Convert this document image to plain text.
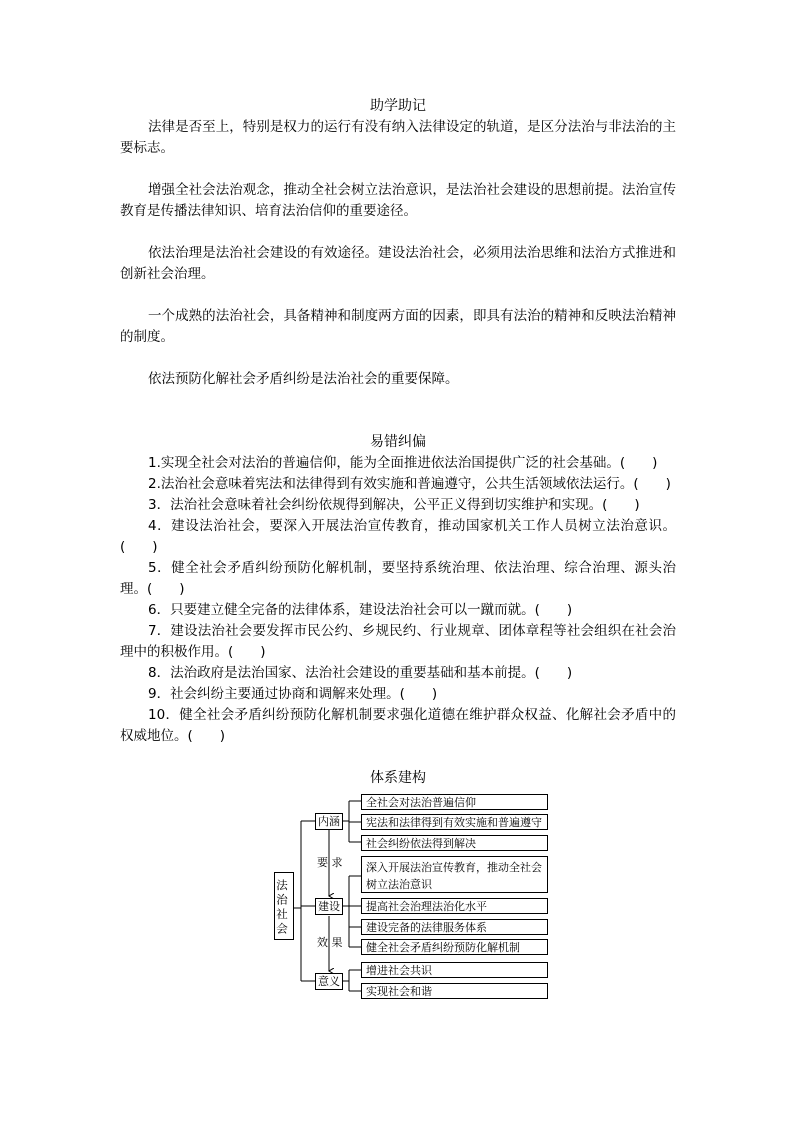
助学助记

法律是否至上，特别是权力的运行有没有纳入法律设定的轨道，是区分法治与非法治的主要标志。

增强全社会法治观念，推动全社会树立法治意识，是法治社会建设的思想前提。法治宣传教育是传播法律知识、培育法治信仰的重要途径。

依法治理是法治社会建设的有效途径。建设法治社会，必须用法治思维和法治方式推进和创新社会治理。

一个成熟的法治社会，具备精神和制度两方面的因素，即具有法治的精神和反映法治精神的制度。

依法预防化解社会矛盾纠纷是法治社会的重要保障。

易错纠偏

1.实现全社会对法治的普遍信仰，能为全面推进依法治国提供广泛的社会基础。(　　)

2.法治社会意味着宪法和法律得到有效实施和普遍遵守，公共生活领域依法运行。(　　)

3．法治社会意味着社会纠纷依规得到解决，公平正义得到切实维护和实现。(　　)

4．建设法治社会，要深入开展法治宣传教育，推动国家机关工作人员树立法治意识。(　　)

5．健全社会矛盾纠纷预防化解机制，要坚持系统治理、依法治理、综合治理、源头治理。(　　)

6．只要建立健全完备的法律体系，建设法治社会可以一蹴而就。(　　)

7．建设法治社会要发挥市民公约、乡规民约、行业规章、团体章程等社会组织在社会治理中的积极作用。(　　)

8．法治政府是法治国家、法治社会建设的重要基础和基本前提。(　　)

9．社会纠纷主要通过协商和调解来处理。(　　)

10．健全社会矛盾纠纷预防化解机制要求强化道德在维护群众权益、化解社会矛盾中的权威地位。(　　)

体系建构

法治社会
内涵
建设
意义
要 求
效 果
全社会对法治普遍信仰
宪法和法律得到有效实施和普遍遵守
社会纠纷依法得到解决
深入开展法治宣传教育，推动全社会树立法治意识
提高社会治理法治化水平
建设完备的法律服务体系
健全社会矛盾纠纷预防化解机制
增进社会共识
实现社会和谐
